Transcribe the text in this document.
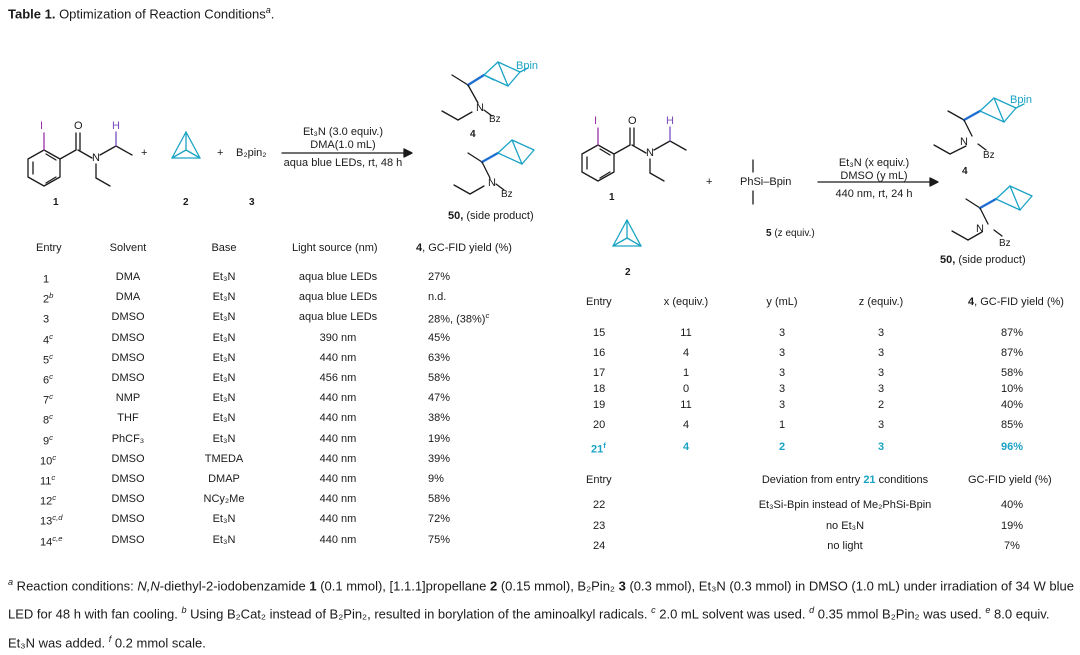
Table 1. Optimization of Reaction Conditions$^a$.
I	O
N
H
1
+
2
+ B₂pin₂
3
Et₃N (3.0 equiv.)
DMA(1.0 mL)
aqua blue LEDs, rt, 48 h
Bpin
N
Bz
4
N
Bz
50, (side product)
I	O
N
H
1
2
+	PhSi–Bpin
5 (z equiv.)
Et₃N (x equiv.)
DMSO (y mL)
440 nm, rt, 24 h
Bpin
N
Bz
4
N
Bz
50, (side product)
Entry	Solvent	Base	Light source (nm)	4, GC-FID yield (%)
1	DMA	Et₃N	aqua blue LEDs	27%
2$^b$	DMA	Et₃N	aqua blue LEDs	n.d.
3	DMSO	Et₃N	aqua blue LEDs	28%, $(38\%)^c$
4$^c$	DMSO	Et₃N	390 nm	45%
5$^c$	DMSO	Et₃N	440 nm	63%
6$^c$	DMSO	Et₃N	456 nm	58%
7$^c$	NMP	Et₃N	440 nm	47%
8$^c$	THF	Et₃N	440 nm	38%
9$^c$	PhCF₃	Et₃N	440 nm	19%
10$^c$	DMSO	TMEDA	440 nm	39%
11$^c$	DMSO	DMAP	440 nm	9%
12$^c$	DMSO	NCy₂Me	440 nm	58%
13$^{c,d}$	DMSO	Et₃N	440 nm	72%
14$^{c,e}$	DMSO	Et₃N	440 nm	75%
Entry	x (equiv.)	y (mL)	z (equiv.)	4, GC-FID yield (%)
15	11	3	3	87%
16	4	3	3	87%
17	1	3	3	58%
18	0	3	3	10%
19	11	3	2	40%
20	4	1	3	85%
21$^f$	4	2	3	96%
Entry	Deviation from entry 21 conditions	GC-FID yield (%)
22	Et₃Si-Bpin instead of Me₂PhSi-Bpin	40%
23	no Et₃N	19%
24	no light	7%
$^a$ Reaction conditions: N,N-diethyl-2-iodobenzamide 1 (0.1 mmol), [1.1.1]propellane 2 (0.15 mmol), B₂Pin₂ 3 (0.3 mmol), Et₃N (0.3 mmol) in DMSO (1.0 mL) under irradiation of 34 W blue LED for 48 h with fan cooling. $^b$ Using B₂Cat₂ instead of B₂Pin₂, resulted in borylation of the aminoalkyl radicals. $^c$ 2.0 mL solvent was used. $^d$ 0.35 mmol B₂Pin₂ was used. $^e$ 8.0 equiv. Et₃N was added. $^f$ 0.2 mmol scale.
